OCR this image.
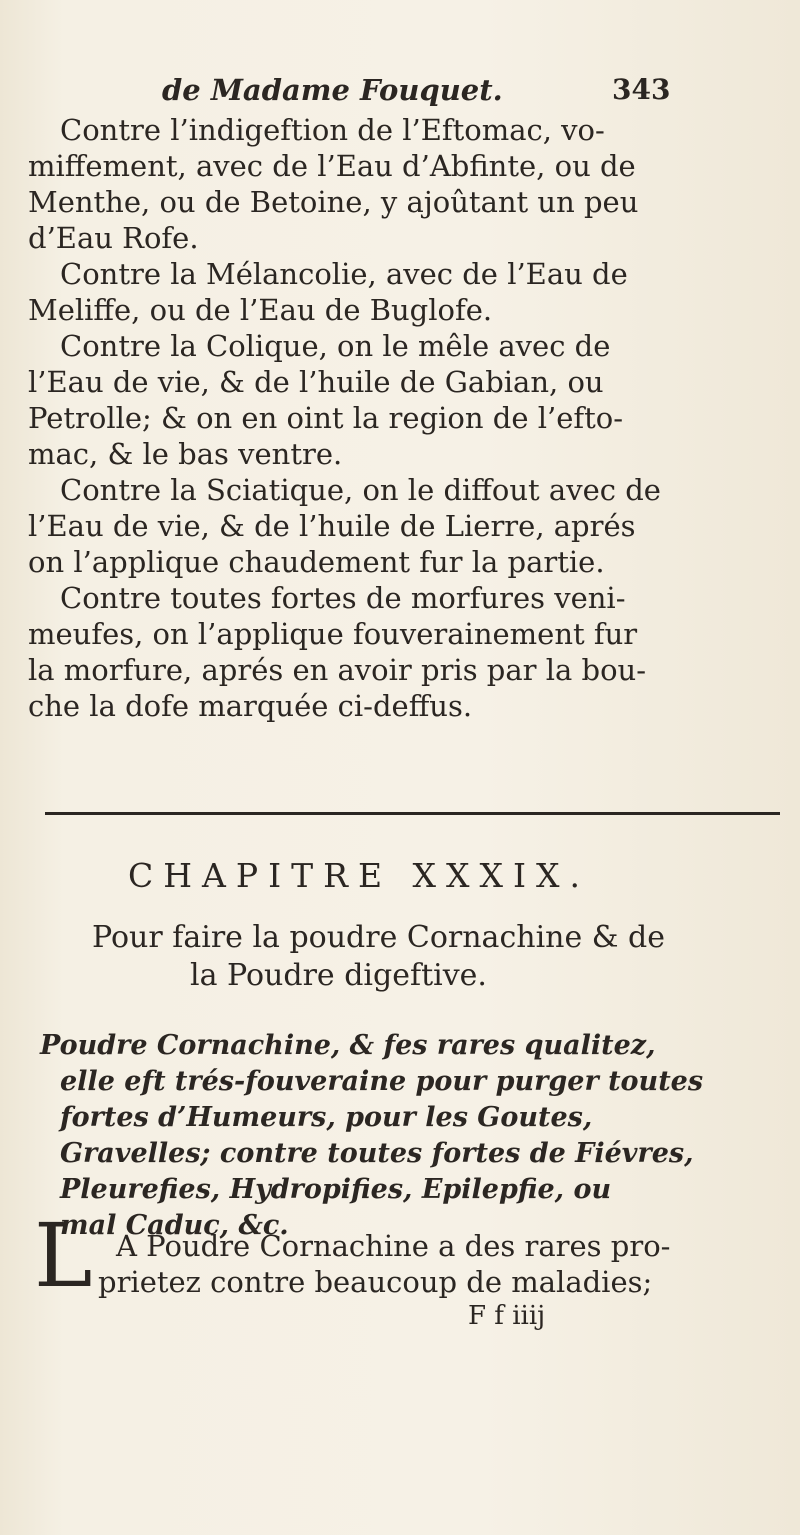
de Madame Fouquet.	343
Contre l’indigeftion de l’Eftomac, vo-
miffement, avec de l’Eau d’Abfinte, ou de
Menthe, ou de Betoine, y ajoûtant un peu
d’Eau Rofe.
Contre la Mélancolie, avec de l’Eau de
Meliffe, ou de l’Eau de Buglofe.
Contre la Colique, on le mêle avec de
l’Eau de vie, & de l’huile de Gabian, ou
Petrolle; & on en oint la region de l’efto-
mac, & le bas ventre.
Contre la Sciatique, on le diffout avec de
l’Eau de vie, & de l’huile de Lierre, aprés
on l’applique chaudement fur la partie.
Contre toutes fortes de morfures veni-
meufes, on l’applique fouverainement fur
la morfure, aprés en avoir pris par la bou-
che la dofe marquée ci-deffus.
CHAPITRE XXXIX.
Pour faire la poudre Cornachine & de
la Poudre digeftive.
Poudre Cornachine, & fes rares qualitez,
elle eft trés-fouveraine pour purger toutes
fortes d’Humeurs, pour les Goutes,
Gravelles; contre toutes fortes de Fiévres,
Pleurefies, Hydropifies, Epilepfie, ou
mal Caduc, &c.
L A Poudre Cornachine a des rares pro-
prietez contre beaucoup de maladies;
F f iiij
